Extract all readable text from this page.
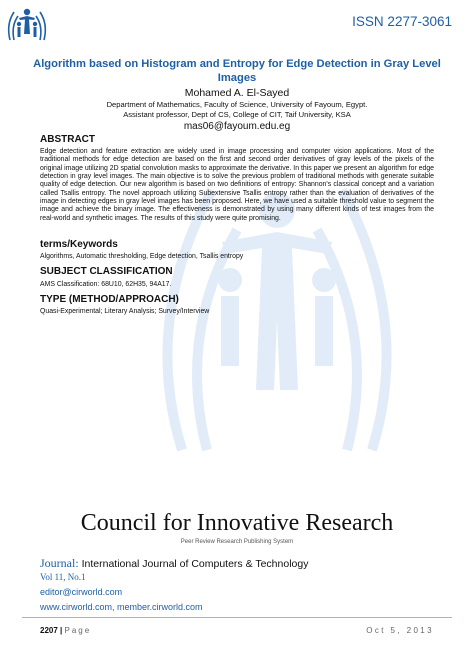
ISSN 2277-3061
Algorithm based on Histogram and Entropy for Edge Detection in Gray Level Images
Mohamed A. El-Sayed
Department of Mathematics, Faculty of Science, University of Fayoum, Egypt.
Assistant professor, Dept of CS, College of CIT, Taif University, KSA
mas06@fayoum.edu.eg
ABSTRACT

Edge detection and feature extraction are widely used in image processing and computer vision applications. Most of the traditional methods for edge detection are based on the first and second order derivatives of gray levels of the pixels of the original image utilizing 2D spatial convolution masks to approximate the derivative. In this paper we present an algorithm for edge detection in gray level images. The main objective is to solve the previous problem of traditional methods with generate suitable quality of edge detection. Our new algorithm is based on two definitions of entropy: Shannon's classical concept and a variation called Tsallis entropy. The novel approach utilizing Subextensive Tsallis entropy rather than the evaluation of derivatives of the image in detecting edges in gray level images has been proposed. Here, we have used a suitable threshold value to segment the image and achieve the binary image. The effectiveness is demonstrated by using many different kinds of test images from the real-world and synthetic images. The results of this study were quite promising.

terms/Keywords
Algorithms, Automatic thresholding, Edge detection, Tsallis entropy
SUBJECT CLASSIFICATION
AMS Classification: 68U10, 62H35, 94A17.
TYPE (METHOD/APPROACH)
Quasi-Experimental; Literary Analysis; Survey/Interview
Council for Innovative Research
Peer Review Research Publishing System
Journal: International Journal of Computers & Technology
Vol 11, No.1
editor@cirworld.com
www.cirworld.com, member.cirworld.com
2207 | Page	Oct 5, 2013
